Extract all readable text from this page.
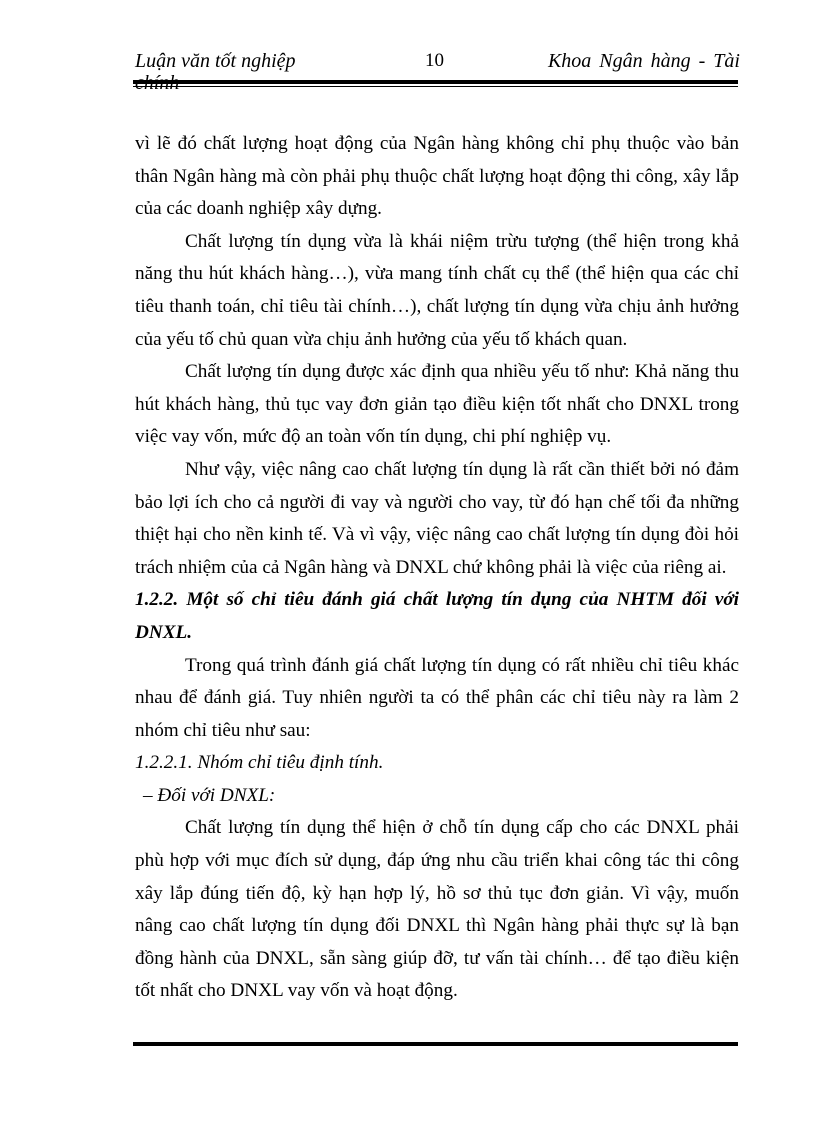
Luận văn tốt nghiệp	10	Khoa Ngân hàng - Tài

vì lẽ đó chất lượng hoạt động của Ngân hàng không chỉ phụ thuộc vào bản thân Ngân hàng mà còn phải phụ thuộc chất lượng hoạt động thi công, xây lắp của các doanh nghiệp xây dựng.

Chất lượng tín dụng vừa là khái niệm trừu tượng (thể hiện trong khả năng thu hút khách hàng…), vừa mang tính chất cụ thể (thể hiện qua các chỉ tiêu thanh toán, chỉ tiêu tài chính…), chất lượng tín dụng vừa chịu ảnh hưởng của yếu tố chủ quan vừa chịu ảnh hưởng của yếu tố khách quan.

Chất lượng tín dụng được xác định qua nhiều yếu tố như: Khả năng thu hút khách hàng, thủ tục vay đơn giản tạo điều kiện tốt nhất cho DNXL trong việc vay vốn, mức độ an toàn vốn tín dụng, chi phí nghiệp vụ.

Như vậy, việc nâng cao chất lượng tín dụng là rất cần thiết bởi nó đảm bảo lợi ích cho cả người đi vay và người cho vay, từ đó hạn chế tối đa những thiệt hại cho nền kinh tế. Và vì vậy, việc nâng cao chất lượng tín dụng đòi hỏi trách nhiệm của cả Ngân hàng và DNXL chứ không phải là việc của riêng ai.

1.2.2. Một số chỉ tiêu đánh giá chất lượng tín dụng của NHTM đối với DNXL.

Trong quá trình đánh giá chất lượng tín dụng có rất nhiều chỉ tiêu khác nhau để đánh giá. Tuy nhiên người ta có thể phân các chỉ tiêu này ra làm 2 nhóm chỉ tiêu như sau:

1.2.2.1. Nhóm chỉ tiêu định tính.

– Đối với DNXL:

Chất lượng tín dụng thể hiện ở chỗ tín dụng cấp cho các DNXL phải phù hợp với mục đích sử dụng, đáp ứng nhu cầu triển khai công tác thi công xây lắp đúng tiến độ, kỳ hạn hợp lý, hồ sơ thủ tục đơn giản. Vì vậy, muốn nâng cao chất lượng tín dụng đối DNXL thì Ngân hàng phải thực sự là bạn đồng hành của DNXL, sẵn sàng giúp đỡ, tư vấn tài chính… để tạo điều kiện tốt nhất cho DNXL vay vốn và hoạt động.
